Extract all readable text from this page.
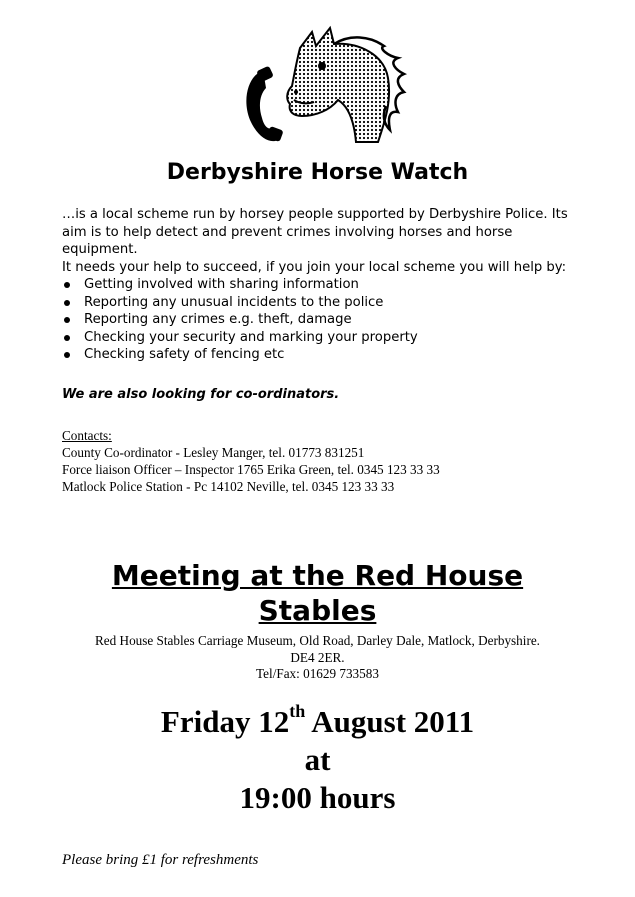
Derbyshire Horse Watch

…is a local scheme run by horsey people supported by Derbyshire Police. Its aim is to help detect and prevent crimes involving horses and horse equipment.

It needs your help to succeed, if you join your local scheme you will help by:

Getting involved with sharing information
Reporting any unusual incidents to the police
Reporting any crimes e.g. theft, damage
Checking your security and marking your property
Checking safety of fencing etc
We are also looking for co-ordinators.
Contacts:
County Co-ordinator - Lesley Manger, tel. 01773 831251
Force liaison Officer – Inspector 1765 Erika Green, tel. 0345 123 33 33
Matlock Police Station - Pc 14102 Neville, tel. 0345 123 33 33
Meeting at the Red House
Stables
Red House Stables Carriage Museum, Old Road, Darley Dale, Matlock, Derbyshire.
DE4 2ER.
Tel/Fax: 01629 733583
Friday 12th August 2011
at
19:00 hours
Please bring £1 for refreshments
